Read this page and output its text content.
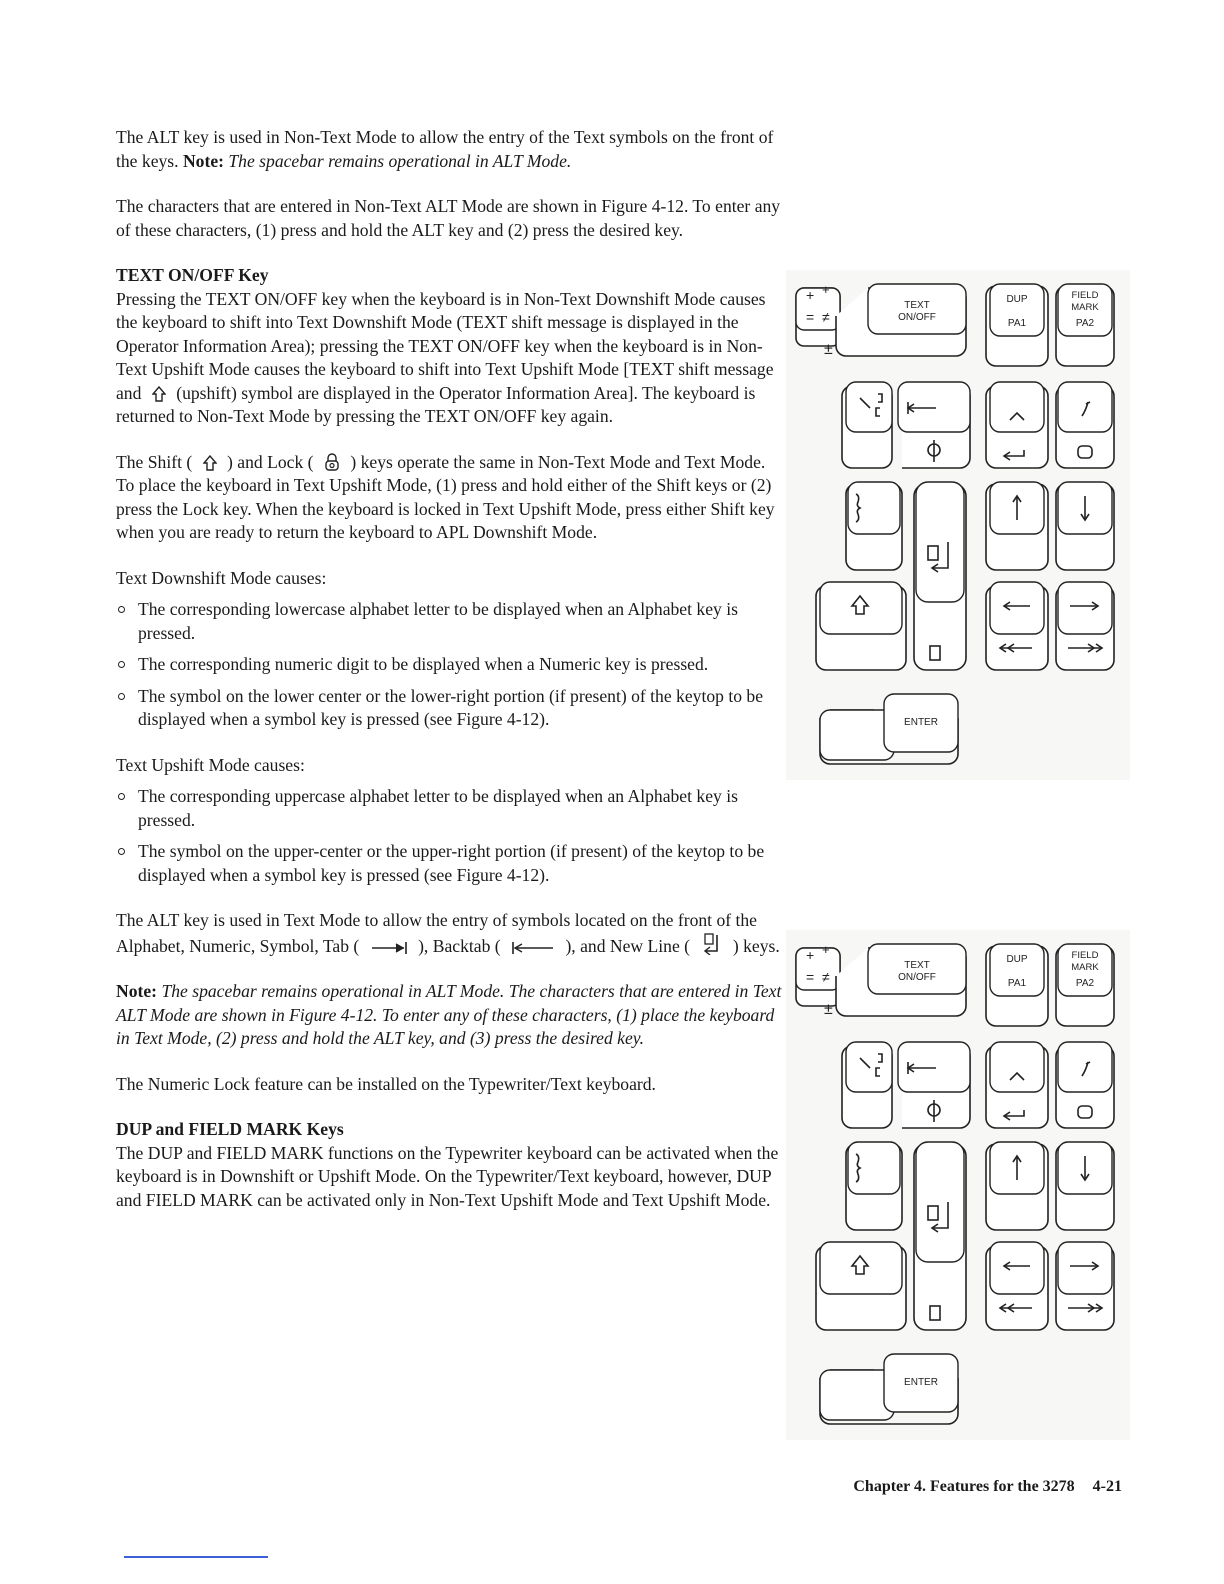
The ALT key is used in Non-Text Mode to allow the entry of the Text symbols on the front of the keys. Note: The spacebar remains operational in ALT Mode.

The characters that are entered in Non-Text ALT Mode are shown in Figure 4-12. To enter any of these characters, (1) press and hold the ALT key and (2) press the desired key.

TEXT ON/OFF Key
Pressing the TEXT ON/OFF key when the keyboard is in Non-Text Downshift Mode causes the keyboard to shift into Text Downshift Mode (TEXT shift message is displayed in the Operator Information Area); pressing the TEXT ON/OFF key when the keyboard is in Non-Text Upshift Mode causes the keyboard to shift into Text Upshift Mode [TEXT shift message and (upshift) symbol are displayed in the Operator Information Area]. The keyboard is returned to Non-Text Mode by pressing the TEXT ON/OFF key again.

The Shift ( ) and Lock ( ) keys operate the same in Non-Text Mode and Text Mode. To place the keyboard in Text Upshift Mode, (1) press and hold either of the Shift keys or (2) press the Lock key. When the keyboard is locked in Text Upshift Mode, press either Shift key when you are ready to return the keyboard to APL Downshift Mode.

Text Downshift Mode causes:

The corresponding lowercase alphabet letter to be displayed when an Alphabet key is pressed.
The corresponding numeric digit to be displayed when a Numeric key is pressed.
The symbol on the lower center or the lower-right portion (if present) of the keytop to be displayed when a symbol key is pressed (see Figure 4-12).

Text Upshift Mode causes:

The corresponding uppercase alphabet letter to be displayed when an Alphabet key is pressed.
The symbol on the upper-center or the upper-right portion (if present) of the keytop to be displayed when a symbol key is pressed (see Figure 4-12).

The ALT key is used in Text Mode to allow the entry of symbols located on the front of the Alphabet, Numeric, Symbol, Tab (	), Backtab (	), and New Line ( ) keys.

Note: The spacebar remains operational in ALT Mode. The characters that are entered in Text ALT Mode are shown in Figure 4-12. To enter any of these characters, (1) place the keyboard in Text Mode, (2) press and hold the ALT key, and (3) press the desired key.

The Numeric Lock feature can be installed on the Typewriter/Text keyboard.

DUP and FIELD MARK Keys
The DUP and FIELD MARK functions on the Typewriter keyboard can be activated when the keyboard is in Downshift or Upshift Mode. On the Typewriter/Text keyboard, however, DUP and FIELD MARK can be activated only in Non-Text Upshift Mode and Text Upshift Mode.

+ +
= ≠
±
TEXT
ON/OFF
DUP
PA1
FIELD
MARK
PA2
ENTER
+ +
= ≠
±
TEXT
ON/OFF
DUP
PA1
FIELD
MARK
PA2
ENTER
Chapter 4. Features for the 3278 4-21
